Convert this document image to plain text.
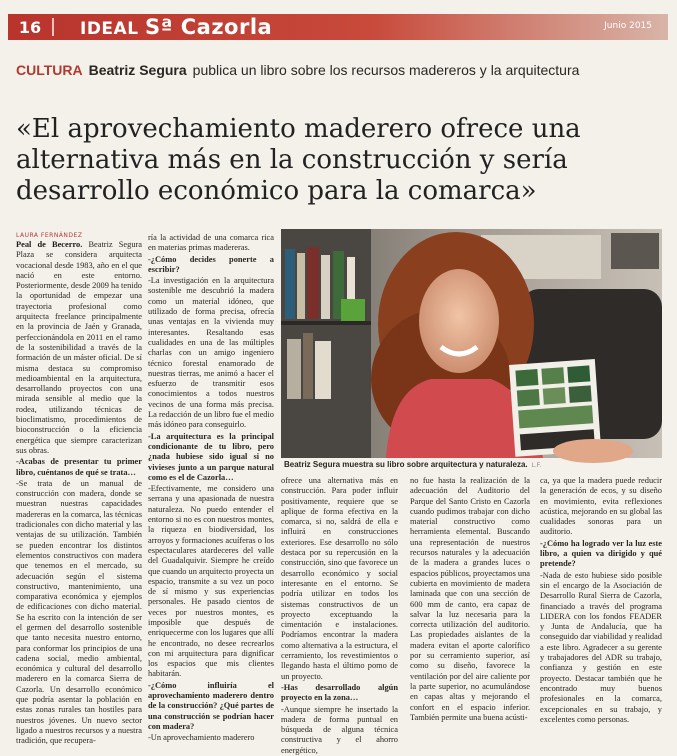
16	IDEAL Sª Cazorla	Junio 2015
CULTURA Beatriz Segura publica un libro sobre los recursos madereros y la arquitectura
«El aprovechamiento maderero ofrece una alternativa más en la construcción y sería desarrollo económico para la comarca»
LAURA FERNÁNDEZ

Peal de Becerro. Beatriz Segura Plaza se considera arquitecta vocacional desde 1983, año en el que nació en este entorno. Posteriormente, desde 2009 ha tenido la oportunidad de empezar una trayectoria profesional como arquitecta freelance principalmente en la provincia de Jaén y Granada, perfeccionándola en 2011 en el ramo de la sostenibilidad a través de la formación de un máster oficial. De sí misma destaca su compromiso medioambiental en la arquitectura, desarrollando proyectos con una mirada sensible al medio que la rodea, utilizando técnicas de bioclimatismo, procedimientos de bioconstrucción o la eficiencia energética que siempre caracterizan sus obras.

-Acabas de presentar tu primer libro, cuéntanos de qué se trata…

-Se trata de un manual de construcción con madera, donde se muestran nuestras capacidades madereras en la comarca, las técnicas tradicionales con dicho material y las ventajas de su utilización. También se pueden encontrar los distintos elementos constructivos con madera que tenemos en el mercado, su adecuación según el sistema constructivo, mantenimiento, una comparativa económica y ejemplos de edificaciones con dicho material. Se ha escrito con la intención de ser el germen del desarrollo sostenible que tanto necesita nuestro entorno, para conformar los principios de una cadena social, medio ambiental, económica y cultural del desarrollo maderero en la comarca Sierra de Cazorla. Un desarrollo económico que podría asentar la población en estas zonas rurales tan hostiles para nuestros jóvenes. Un nuevo sector ligado a nuestros recursos y a nuestra tradición, que recupera-

ría la actividad de una comarca rica en materias primas madereras.

-¿Cómo decides ponerte a escribir?

-La investigación en la arquitectura sostenible me descubrió la madera como un material idóneo, que utilizado de forma precisa, ofrecía unas ventajas en la vivienda muy interesantes. Resaltando esas cualidades en una de las múltiples charlas con un amigo ingeniero técnico forestal enamorado de nuestras tierras, me animó a hacer el esfuerzo de transmitir esos conocimientos a todos nuestros vecinos de una forma más precisa. La redacción de un libro fue el medio más idóneo para conseguirlo.

-La arquitectura es la principal condicionante de tu libro, pero ¿nada hubiese sido igual si no vivieses junto a un parque natural como es el de Cazorla…

-Efectivamente, me considero una serrana y una apasionada de nuestra naturaleza. No puedo entender el entorno si no es con nuestros montes, la riqueza en biodiversidad, los arroyos y formaciones acuíferas o los espectaculares atardeceres del valle del Guadalquivir. Siempre he creído que cuando un arquitecto proyecta un espacio, transmite a su vez un poco de sí mismo y sus experiencias personales. He pasado cientos de veces por nuestros montes, es imposible que después de enriquecerme con los lugares que allí he encontrado, no desee recrearlos con mi arquitectura para dignificar los espacios que mis clientes habitarán.

-¿Cómo influiría el aprovechamiento maderero dentro de la construcción? ¿Qué partes de una construcción se podrían hacer con madera?

-Un aprovechamiento maderero

Beatriz Segura muestra su libro sobre arquitectura y naturaleza. L.F.

ofrece una alternativa más en construcción. Para poder influir positivamente, requiere que se aplique de forma efectiva en la comarca, si no, saldrá de ella e influirá en construcciones exteriores. Ese desarrollo no sólo destaca por su repercusión en la construcción, sino que favorece un desarrollo económico y social interesante en el entorno. Se podría utilizar en todos los sistemas constructivos de un proyecto exceptuando la cimentación e instalaciones. Podríamos encontrar la madera como alternativa a la estructura, el cerramiento, los revestimientos o llegando hasta el último pomo de un proyecto.

-Has desarrollado algún proyecto en la zona…

-Aunque siempre he insertado la madera de forma puntual en búsqueda de alguna técnica constructiva y el ahorro energético,

no fue hasta la realización de la adecuación del Auditorio del Parque del Santo Cristo en Cazorla cuando pudimos trabajar con dicho material constructivo como herramienta elemental. Buscando una representación de nuestros recursos naturales y la adecuación de la madera a grandes luces o espacios públicos, proyectamos una cubierta en movimiento de madera laminada que con una sección de 600 mm de canto, era capaz de salvar la luz necesaria para la correcta utilización del auditorio. Las propiedades aislantes de la madera evitan el aporte calorífico por su cerramiento superior, así como su diseño, favorece la ventilación por del aire caliente por la parte superior, no acumulándose en capas altas y mejorando el confort en el espacio inferior. También permite una buena acústi-

ca, ya que la madera puede reducir la generación de ecos, y su diseño en movimiento, evita reflexiones acústica, mejorando en su global las cualidades sonoras para un auditorio.

-¿Cómo ha logrado ver la luz este libro, a quien va dirigido y qué pretende?

-Nada de esto hubiese sido posible sin el encargo de la Asociación de Desarrollo Rural Sierra de Cazorla, financiado a través del programa LIDERA con los fondos FEADER y Junta de Andalucía, que ha conseguido dar viabilidad y realidad a este libro. Agradecer a su gerente y trabajadores del ADR su trabajo, confianza y gestión en este proyecto. Destacar también que he encontrado muy buenos profesionales en la comarca, excepcionales en su trabajo, y excelentes como personas.
